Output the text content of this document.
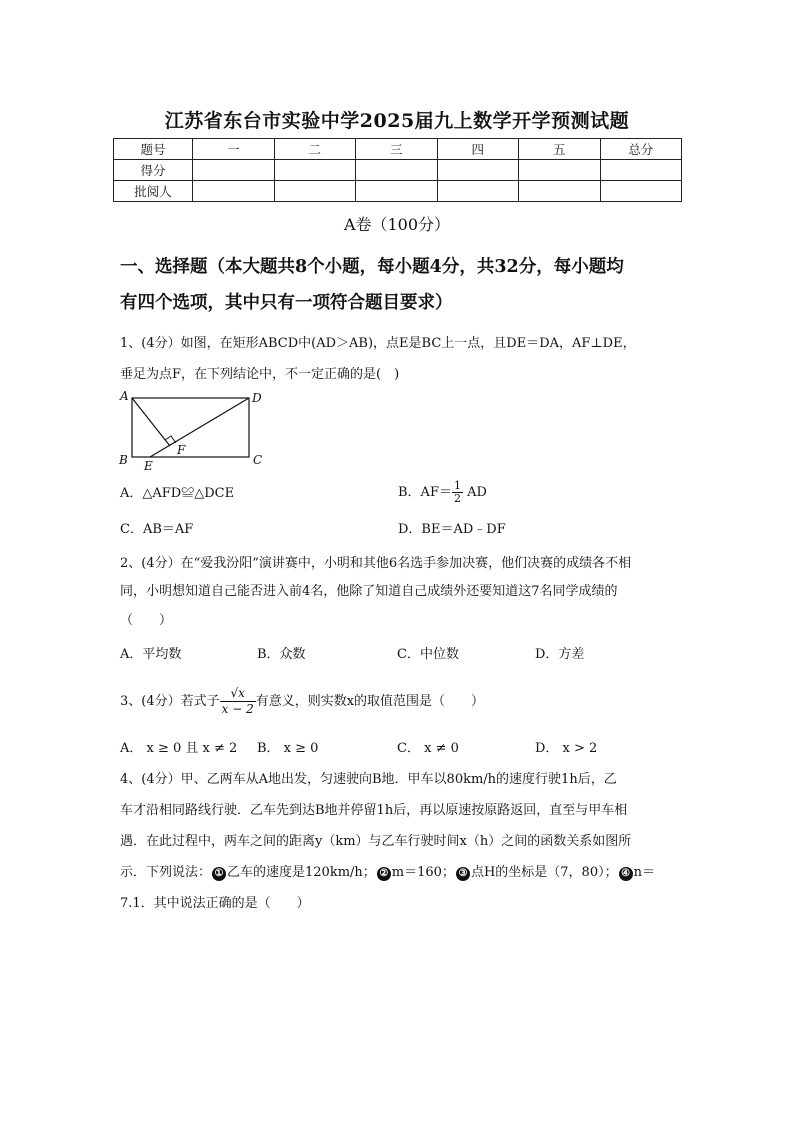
江苏省东台市实验中学2025届九上数学开学预测试题
题号	一	二	三	四	五	总分
得分						
批阅人						
A卷（100分）
一、选择题（本大题共8个小题，每小题4分，共32分，每小题均
有四个选项，其中只有一项符合题目要求）
1、(4分）如图，在矩形ABCD中(AD＞AB)，点E是BC上一点，且DE＝DA，AF⊥DE，
垂足为点F，在下列结论中，不一定正确的是(　)
A	D
B E	C
F
A．△AFD≌△DCE	B．$AF= \frac{1}{2}$ AD
C．AB＝AF	D．BE＝AD﹣DF
2、(4分）在“爱我汾阳”演讲赛中，小明和其他6名选手参加决赛，他们决赛的成绩各不相
同，小明想知道自己能否进入前4名，他除了知道自己成绩外还要知道这7名同学成绩的
（　　）
A．平均数	B．众数	C．中位数	D．方差
3、(4分）若式子 $\frac{√x}{x - 2}$ 有意义，则实数x的取值范围是（　　）
A． x ≥ 0 且 x ≠ 2 B． x ≥ 0	C． x ≠ 0	D． x > 2
4、(4分）甲、乙两车从A地出发，匀速驶向B地．甲车以80km/h的速度行驶1h后，乙
车才沿相同路线行驶．乙车先到达B地并停留1h后，再以原速按原路返回，直至与甲车相
遇．在此过程中，两车之间的距离y（km）与乙车行驶时间x（h）之间的函数关系如图所
示．下列说法： ① 乙车的速度是120km/h； ② m＝160； ③ 点H的坐标是（7，80）； ④ n＝
7.1．其中说法正确的是（　　）
